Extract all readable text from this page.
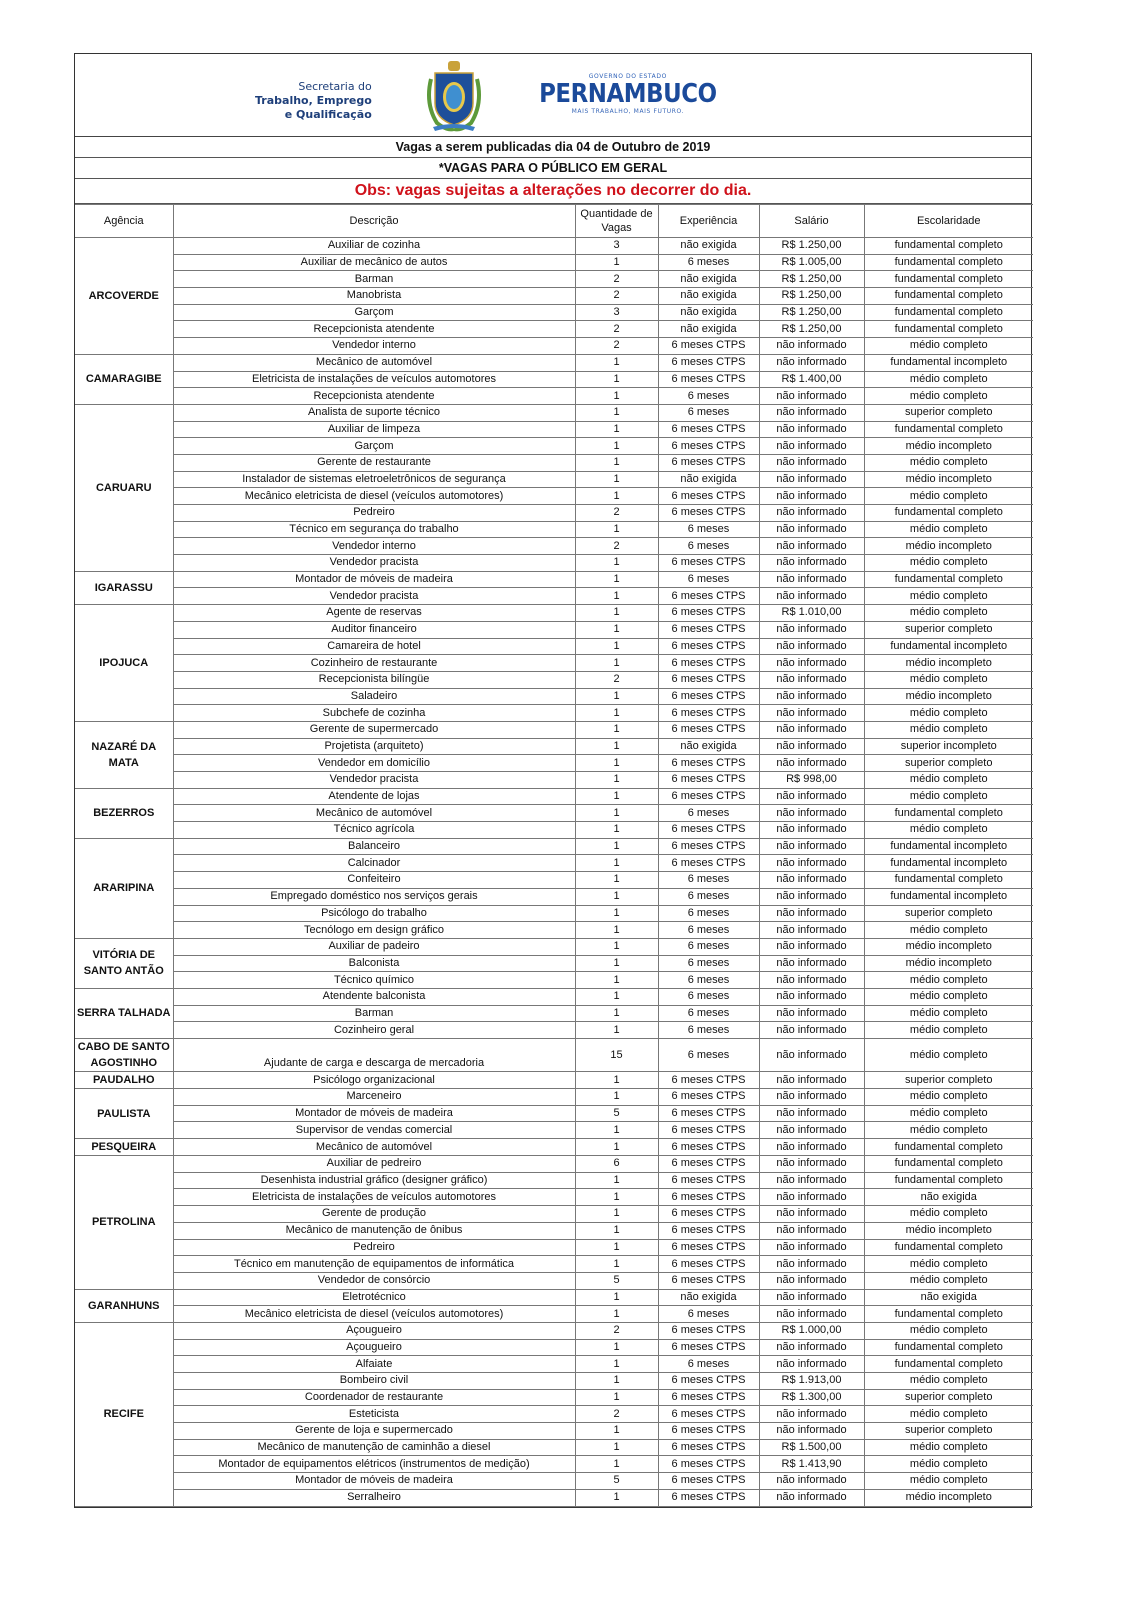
Secretaria do
Trabalho, Emprego
e Qualificação
GOVERNO DO ESTADO
PERNAMBUCO
MAIS TRABALHO, MAIS FUTURO.
Vagas a serem publicadas dia 04 de Outubro de 2019
*VAGAS PARA O PÚBLICO EM GERAL
Obs: vagas sujeitas a alterações no decorrer do dia.
Agência	Descrição	Quantidade de Vagas	Experiência	Salário	Escolaridade
ARCOVERDE	Auxiliar de cozinha	3	não exigida	R$ 1.250,00	fundamental completo
	Auxiliar de mecânico de autos	1	6 meses	R$ 1.005,00	fundamental completo
	Barman	2	não exigida	R$ 1.250,00	fundamental completo
	Manobrista	2	não exigida	R$ 1.250,00	fundamental completo
	Garçom	3	não exigida	R$ 1.250,00	fundamental completo
	Recepcionista atendente	2	não exigida	R$ 1.250,00	fundamental completo
	Vendedor interno	2	6 meses CTPS	não informado	médio completo
CAMARAGIBE	Mecânico de automóvel	1	6 meses CTPS	não informado	fundamental incompleto
	Eletricista de instalações de veículos automotores	1	6 meses CTPS	R$ 1.400,00	médio completo
	Recepcionista atendente	1	6 meses	não informado	médio completo
CARUARU	Analista de suporte técnico	1	6 meses	não informado	superior completo
	Auxiliar de limpeza	1	6 meses CTPS	não informado	fundamental completo
	Garçom	1	6 meses CTPS	não informado	médio incompleto
	Gerente de restaurante	1	6 meses CTPS	não informado	médio completo
	Instalador de sistemas eletroeletrônicos de segurança	1	não exigida	não informado	médio incompleto
	Mecânico eletricista de diesel (veículos automotores)	1	6 meses CTPS	não informado	médio completo
	Pedreiro	2	6 meses CTPS	não informado	fundamental completo
	Técnico em segurança do trabalho	1	6 meses	não informado	médio completo
	Vendedor interno	2	6 meses	não informado	médio incompleto
	Vendedor pracista	1	6 meses CTPS	não informado	médio completo
IGARASSU	Montador de móveis de madeira	1	6 meses	não informado	fundamental completo
	Vendedor pracista	1	6 meses CTPS	não informado	médio completo
IPOJUCA	Agente de reservas	1	6 meses CTPS	R$ 1.010,00	médio completo
	Auditor financeiro	1	6 meses CTPS	não informado	superior completo
	Camareira de hotel	1	6 meses CTPS	não informado	fundamental incompleto
	Cozinheiro de restaurante	1	6 meses CTPS	não informado	médio incompleto
	Recepcionista bilíngüe	2	6 meses CTPS	não informado	médio completo
	Saladeiro	1	6 meses CTPS	não informado	médio incompleto
	Subchefe de cozinha	1	6 meses CTPS	não informado	médio completo
NAZARÉ DA MATA	Gerente de supermercado	1	6 meses CTPS	não informado	médio completo
	Projetista (arquiteto)	1	não exigida	não informado	superior incompleto
	Vendedor em domicílio	1	6 meses CTPS	não informado	superior completo
	Vendedor pracista	1	6 meses CTPS	R$ 998,00	médio completo
BEZERROS	Atendente de lojas	1	6 meses CTPS	não informado	médio completo
	Mecânico de automóvel	1	6 meses	não informado	fundamental completo
	Técnico agrícola	1	6 meses CTPS	não informado	médio completo
ARARIPINA	Balanceiro	1	6 meses CTPS	não informado	fundamental incompleto
	Calcinador	1	6 meses CTPS	não informado	fundamental incompleto
	Confeiteiro	1	6 meses	não informado	fundamental completo
	Empregado doméstico nos serviços gerais	1	6 meses	não informado	fundamental incompleto
	Psicólogo do trabalho	1	6 meses	não informado	superior completo
	Tecnólogo em design gráfico	1	6 meses	não informado	médio completo
VITÓRIA DE SANTO ANTÃO	Auxiliar de padeiro	1	6 meses	não informado	médio incompleto
	Balconista	1	6 meses	não informado	médio incompleto
	Técnico químico	1	6 meses	não informado	médio completo
SERRA TALHADA	Atendente balconista	1	6 meses	não informado	médio completo
	Barman	1	6 meses	não informado	médio completo
	Cozinheiro geral	1	6 meses	não informado	médio completo
CABO DE SANTO AGOSTINHO	Ajudante de carga e descarga de mercadoria	15	6 meses	não informado	médio completo
PAUDALHO	Psicólogo organizacional	1	6 meses CTPS	não informado	superior completo
PAULISTA	Marceneiro	1	6 meses CTPS	não informado	médio completo
	Montador de móveis de madeira	5	6 meses CTPS	não informado	médio completo
	Supervisor de vendas comercial	1	6 meses CTPS	não informado	médio completo
PESQUEIRA	Mecânico de automóvel	1	6 meses CTPS	não informado	fundamental completo
PETROLINA	Auxiliar de pedreiro	6	6 meses CTPS	não informado	fundamental completo
	Desenhista industrial gráfico (designer gráfico)	1	6 meses CTPS	não informado	fundamental completo
	Eletricista de instalações de veículos automotores	1	6 meses CTPS	não informado	não exigida
	Gerente de produção	1	6 meses CTPS	não informado	médio completo
	Mecânico de manutenção de ônibus	1	6 meses CTPS	não informado	médio incompleto
	Pedreiro	1	6 meses CTPS	não informado	fundamental completo
	Técnico em manutenção de equipamentos de informática	1	6 meses CTPS	não informado	médio completo
	Vendedor de consórcio	5	6 meses CTPS	não informado	médio completo
GARANHUNS	Eletrotécnico	1	não exigida	não informado	não exigida
	Mecânico eletricista de diesel (veículos automotores)	1	6 meses	não informado	fundamental completo
RECIFE	Açougueiro	2	6 meses CTPS	R$ 1.000,00	médio completo
	Açougueiro	1	6 meses CTPS	não informado	fundamental completo
	Alfaiate	1	6 meses	não informado	fundamental completo
	Bombeiro civil	1	6 meses CTPS	R$ 1.913,00	médio completo
	Coordenador de restaurante	1	6 meses CTPS	R$ 1.300,00	superior completo
	Esteticista	2	6 meses CTPS	não informado	médio completo
	Gerente de loja e supermercado	1	6 meses CTPS	não informado	superior completo
	Mecânico de manutenção de caminhão a diesel	1	6 meses CTPS	R$ 1.500,00	médio completo
	Montador de equipamentos elétricos (instrumentos de medição)	1	6 meses CTPS	R$ 1.413,90	médio completo
	Montador de móveis de madeira	5	6 meses CTPS	não informado	médio completo
	Serralheiro	1	6 meses CTPS	não informado	médio incompleto
